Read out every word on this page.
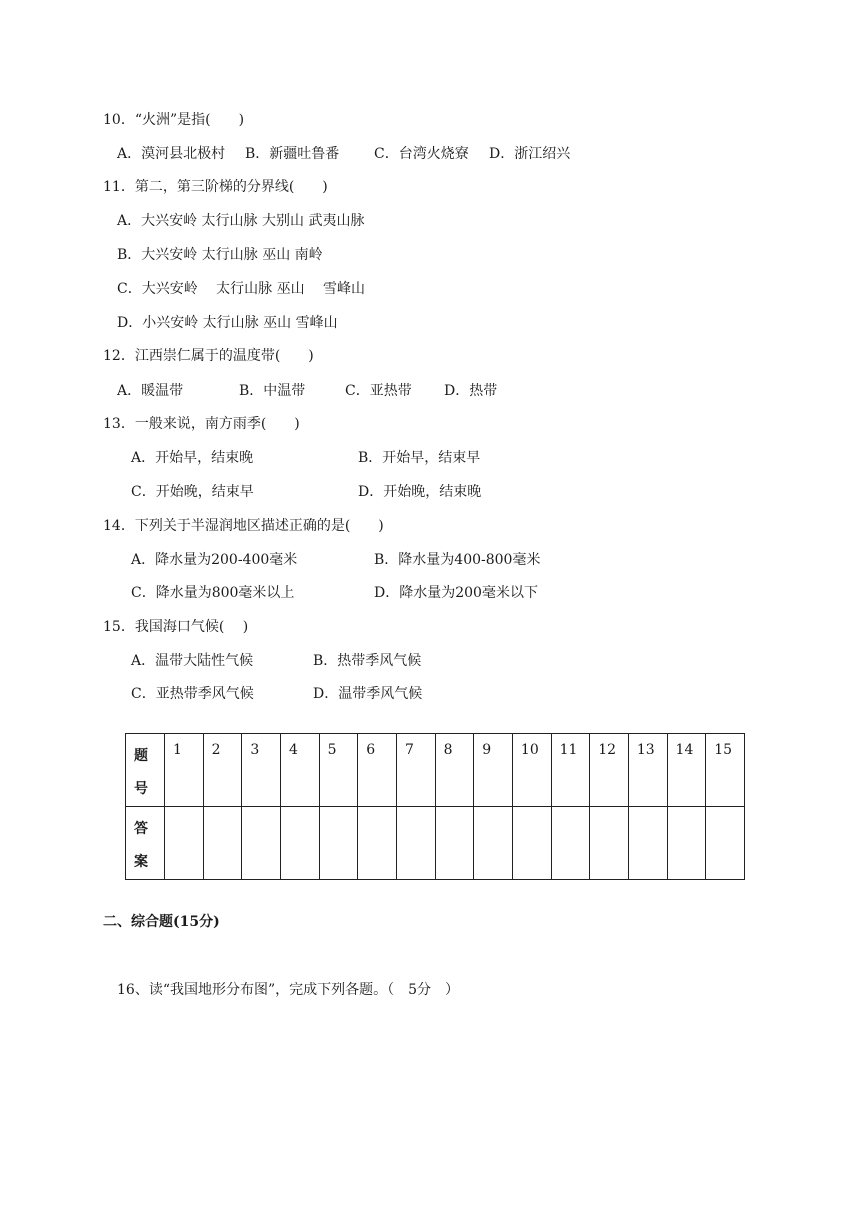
10．“火洲”是指(　　)
A．漠河县北极村 B．新疆吐鲁番 C．台湾火烧寮 D．浙江绍兴
11．第二，第三阶梯的分界线(　　)
A．大兴安岭 太行山脉 大别山 武夷山脉
B．大兴安岭 太行山脉 巫山 南岭
C．大兴安岭　 太行山脉 巫山　 雪峰山
D．小兴安岭 太行山脉 巫山 雪峰山
12．江西崇仁属于的温度带(　　)
A．暖温带	B．中温带	C．亚热带 D．热带
13．一般来说，南方雨季(　　)
A．开始早，结束晚	B．开始早，结束早
C．开始晚，结束早	D．开始晚，结束晚
14．下列关于半湿润地区描述正确的是(　　)
A．降水量为200-400毫米	B．降水量为400-800毫米
C．降水量为800毫米以上	D．降水量为200毫米以下
15．我国海口气候(　 )
A．温带大陆性气候	B．热带季风气候
C．亚热带季风气候	D．温带季风气候
题
号	1	2	3	4	5	6	7	8	9	10	11	12	13	14	15

答
案															

二、综合题(15分)
16、读“我国地形分布图”，完成下列各题。（　5分　）
